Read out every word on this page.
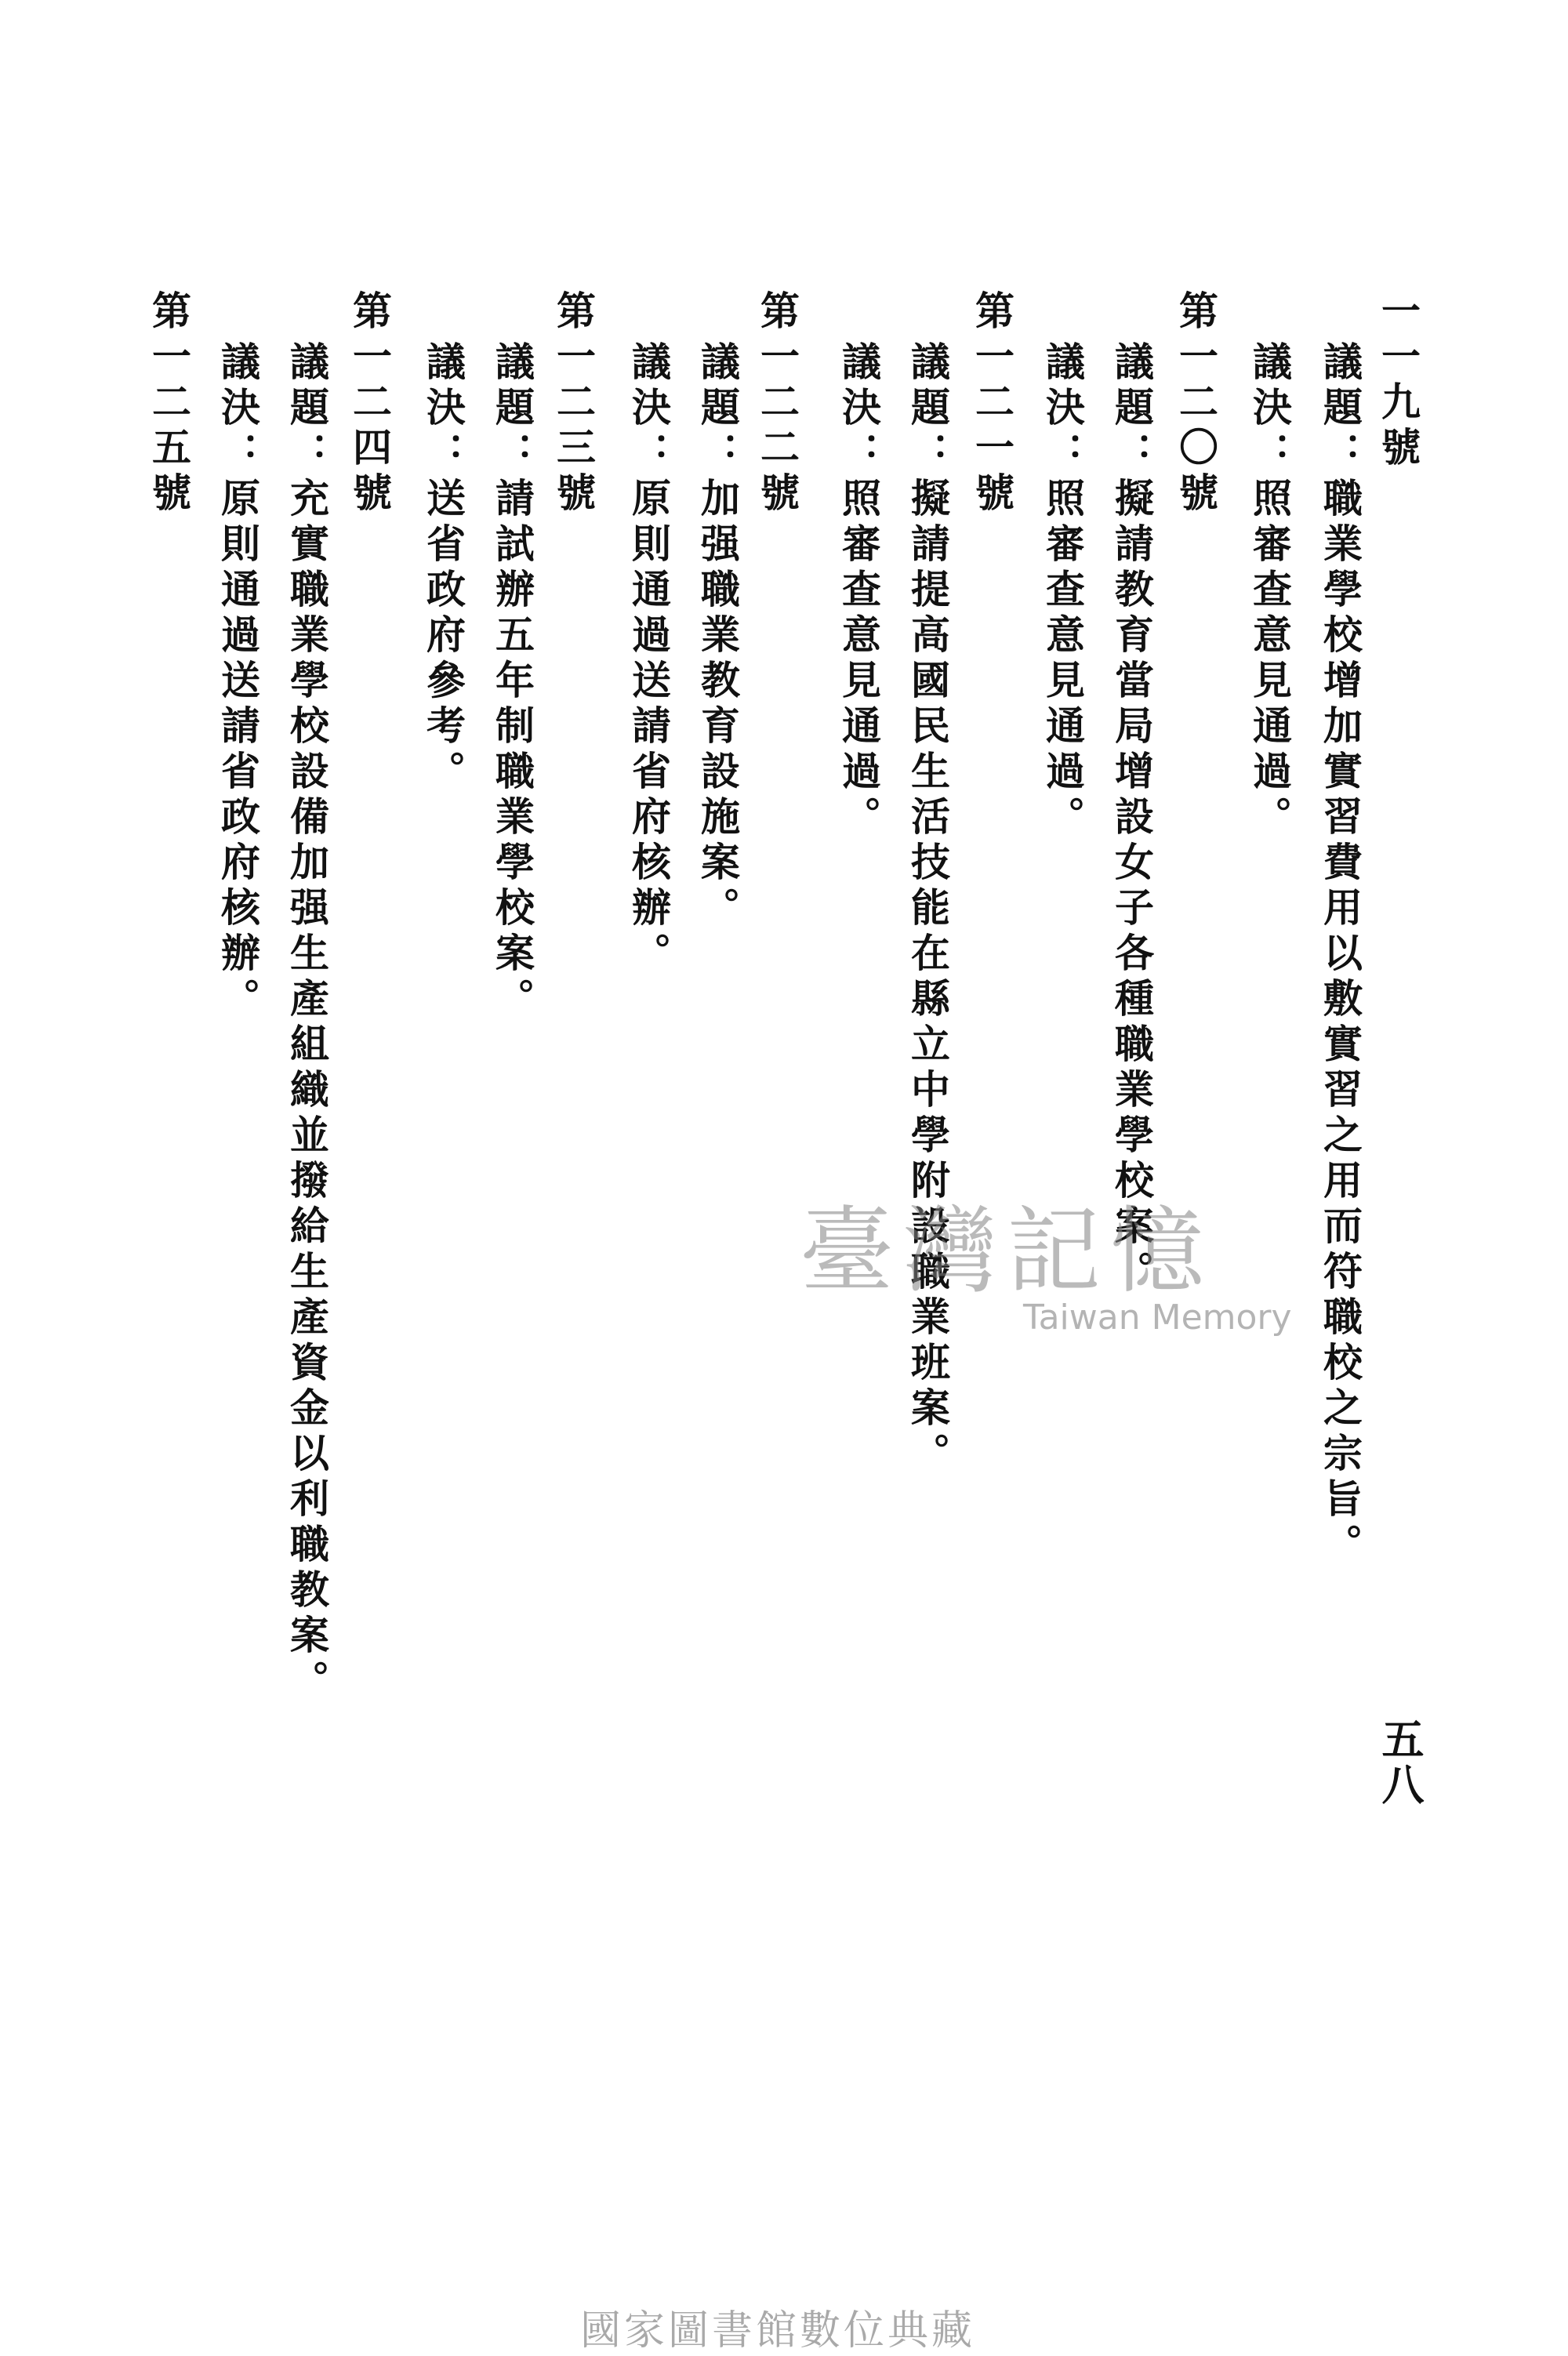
一一九號
議題：職業學校增加實習費用以敷實習之用而符職校之宗旨。
議決：照審查意見通過。
第一二〇號
議題：擬請教育當局增設女子各種職業學校案。
議決：照審查意見通過。
第一二一號
議題：擬請提高國民生活技能在縣立中學附設職業班案。
議決：照審查意見通過。
第一二二號
議題：加强職業教育設施案。
議決：原則通過送請省府核辦。
第一二三號
議題：請試辦五年制職業學校案。
議決：送省政府參考。
第一二四號
議題：充實職業學校設備加强生產組織並撥給生產資金以利職教案。
議決：原則通過送請省政府核辦。
第一二五號
五八
臺灣記憶
Taiwan Memory
國家圖書館數位典藏
